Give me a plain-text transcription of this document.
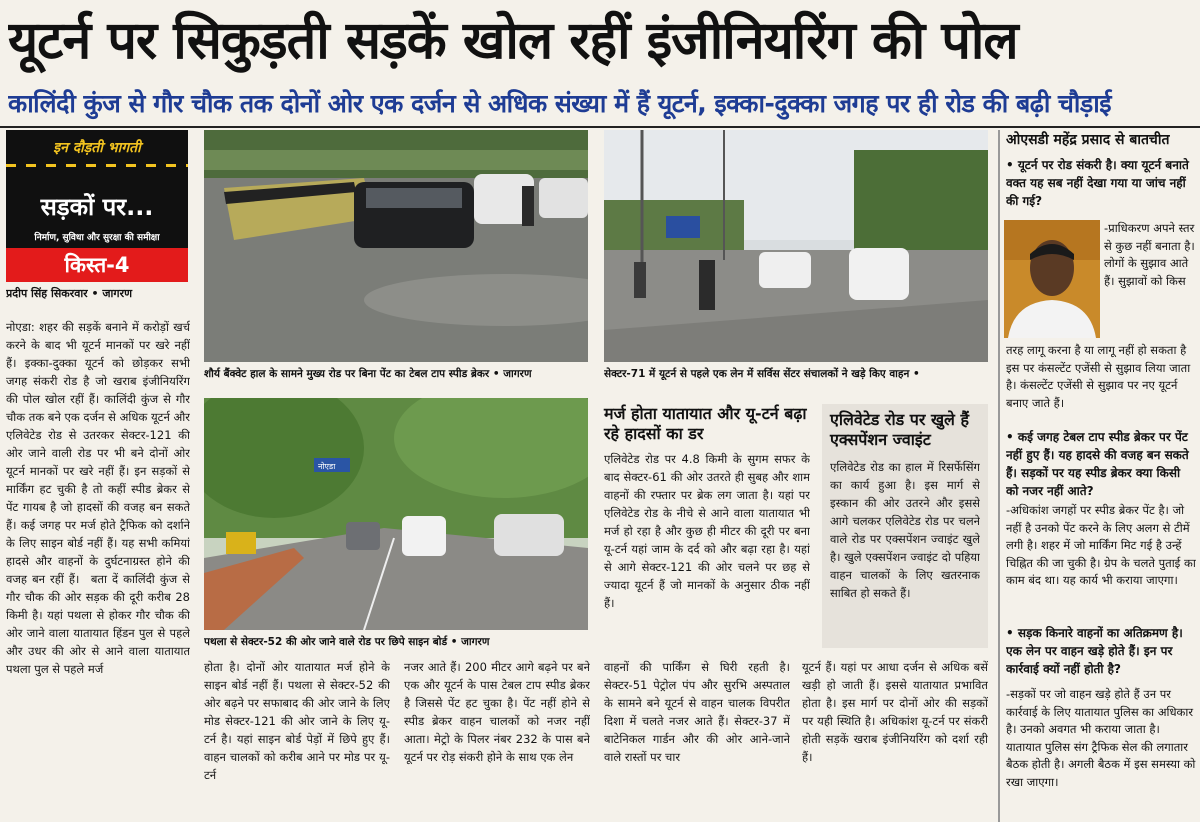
यूटर्न पर सिकुड़ती सड़कें खोल रहीं इंजीनियरिंग की पोल
कालिंदी कुंज से गौर चौक तक दोनों ओर एक दर्जन से अधिक संख्या में हैं यूटर्न, इक्का-दुक्का जगह पर ही रोड की बढ़ी चौड़ाई
इन दौड़ती भागती
सड़कों पर...
निर्माण, सुविधा और सुरक्षा की समीक्षा
किस्त-4
प्रदीप सिंह सिकरवार • जागरण
नोएडा: शहर की सड़कें बनाने में करोड़ों खर्च करने के बाद भी यूटर्न मानकों पर खरे नहीं हैं। इक्का-दुक्का यूटर्न को छोड़कर सभी जगह संकरी रोड है जो खराब इंजीनियरिंग की पोल खोल रहीं हैं। कालिंदी कुंज से गौर चौक तक बने एक दर्जन से अधिक यूटर्न और एलिवेटेड रोड से उतरकर सेक्टर-121 की ओर जाने वाली रोड पर भी बने दोनों ओर यूटर्न मानकों पर खरे नहीं हैं। इन सड़कों से मार्किंग हट चुकी है तो कहीं स्पीड ब्रेकर से पेंट गायब है जो हादसों की वजह बन सकते हैं। कई जगह पर मर्ज होते ट्रैफिक को दर्शाने के लिए साइन बोर्ड नहीं हैं। यह सभी कमियां हादसे और वाहनों के दुर्घटनाग्रस्त होने की वजह बन रहीं हैं। बता दें कालिंदी कुंज से गौर चौक की ओर सड़क की दूरी करीब 28 किमी है। यहां पथला से होकर गौर चौक की ओर जाने वाला यातायात हिंडन पुल से पहले और उधर की ओर से आने वाला यातायात पथला पुल से पहले मर्ज
शौर्य बैंक्वेट हाल के सामने मुख्य रोड पर बिना पेंट का टेबल टाप स्पीड ब्रेकर • जागरण	सेक्टर-71 में यूटर्न से पहले एक लेन में सर्विस सेंटर संचालकों ने खड़े किए वाहन •
नोएडा
पथला से सेक्टर-52 की ओर जाने वाले रोड पर छिपे साइन बोर्ड • जागरण
मर्ज होता यातायात और यू-टर्न बढ़ा रहे हादसों का डर
एलिवेटेड रोड पर 4.8 किमी के सुगम सफर के बाद सेक्टर-61 की ओर उतरते ही सुबह और शाम वाहनों की रफ्तार पर ब्रेक लग जाता है। यहां पर एलिवेटेड रोड के नीचे से आने वाला यातायात भी मर्ज हो रहा है और कुछ ही मीटर की दूरी पर बना यू-टर्न यहां जाम के दर्द को और बढ़ा रहा है। यहां से आगे सेक्टर-121 की ओर चलने पर छह से ज्यादा यूटर्न हैं जो मानकों के अनुसार ठीक नहीं हैं।
एलिवेटेड रोड पर खुले हैं एक्सपेंशन ज्वाइंट
एलिवेटेड रोड का हाल में रिसर्फेसिंग का कार्य हुआ है। इस मार्ग से इस्कान की ओर उतरने और इससे आगे चलकर एलिवेटेड रोड पर चलने वाले रोड पर एक्सपेंशन ज्वाइंट खुले है। खुले एक्सपेंशन ज्वाइंट दो पहिया वाहन चालकों के लिए खतरनाक साबित हो सकते हैं।
होता है। दोनों ओर यातायात मर्ज होने के साइन बोर्ड नहीं हैं। पथला से सेक्टर-52 की ओर बढ़ने पर सफाबाद की ओर जाने के लिए मोड सेक्टर-121 की ओर जाने के लिए यू-टर्न है। यहां साइन बोर्ड पेड़ों में छिपे हुए हैं। वाहन चालकों को करीब आने पर मोड पर यू-टर्न
नजर आते हैं। 200 मीटर आगे बढ़ने पर बने एक और यूटर्न के पास टेबल टाप स्पीड ब्रेकर है जिससे पेंट हट चुका है। पेंट नहीं होने से स्पीड ब्रेकर वाहन चालकों को नजर नहीं आता। मेट्रो के पिलर नंबर 232 के पास बने यूटर्न पर रोड़ संकरी होने के साथ एक लेन
वाहनों की पार्किंग से घिरी रहती है। सेक्टर-51 पेट्रोल पंप और सुरभि अस्पताल के सामने बने यूटर्न से वाहन चालक विपरीत दिशा में चलते नजर आते हैं। सेक्टर-37 में बाटेनिकल गार्डन और की ओर आने-जाने वाले रास्तों पर चार
यूटर्न हैं। यहां पर आधा दर्जन से अधिक बसें खड़ी हो जाती हैं। इससे यातायात प्रभावित होता है। इस मार्ग पर दोनों ओर की सड़कों पर यही स्थिति है। अधिकांश यू-टर्न पर संकरी होती सड़कें खराब इंजीनियरिंग को दर्शा रही हैं।
ओएसडी महेंद्र प्रसाद से बातचीत
• यूटर्न पर रोड संकरी है। क्या यूटर्न बनाते वक्त यह सब नहीं देखा गया या जांच नहीं की गई?
-प्राधिकरण अपने स्तर से कुछ नहीं बनाता है। लोगों के सुझाव आते हैं। सुझावों को किस
तरह लागू करना है या लागू नहीं हो सकता है इस पर कंसल्टेंट एजेंसी से सुझाव लिया जाता है। कंसल्टेंट एजेंसी से सुझाव पर नए यूटर्न बनाए जाते हैं।
• कई जगह टेबल टाप स्पीड ब्रेकर पर पेंट नहीं हुए हैं। यह हादसे की वजह बन सकते हैं। सड़कों पर यह स्पीड ब्रेकर क्या किसी को नजर नहीं आते?
-अधिकांश जगहों पर स्पीड ब्रेकर पेंट है। जो नहीं है उनको पेंट करने के लिए अलग से टीमें लगी है। शहर में जो मार्किंग मिट गई है उन्हें चिह्नित की जा चुकी है। ग्रेप के चलते पुताई का काम बंद था। यह कार्य भी कराया जाएगा।
• सड़क किनारे वाहनों का अतिक्रमण है। एक लेन पर वाहन खड़े होते हैं। इन पर कार्रवाई क्यों नहीं होती है?
-सड़कों पर जो वाहन खड़े होते हैं उन पर कार्रवाई के लिए यातायात पुलिस का अधिकार है। उनको अवगत भी कराया जाता है। यातायात पुलिस संग ट्रैफिक सेल की लगातार बैठक होती है। अगली बैठक में इस समस्या को रखा जाएगा।
